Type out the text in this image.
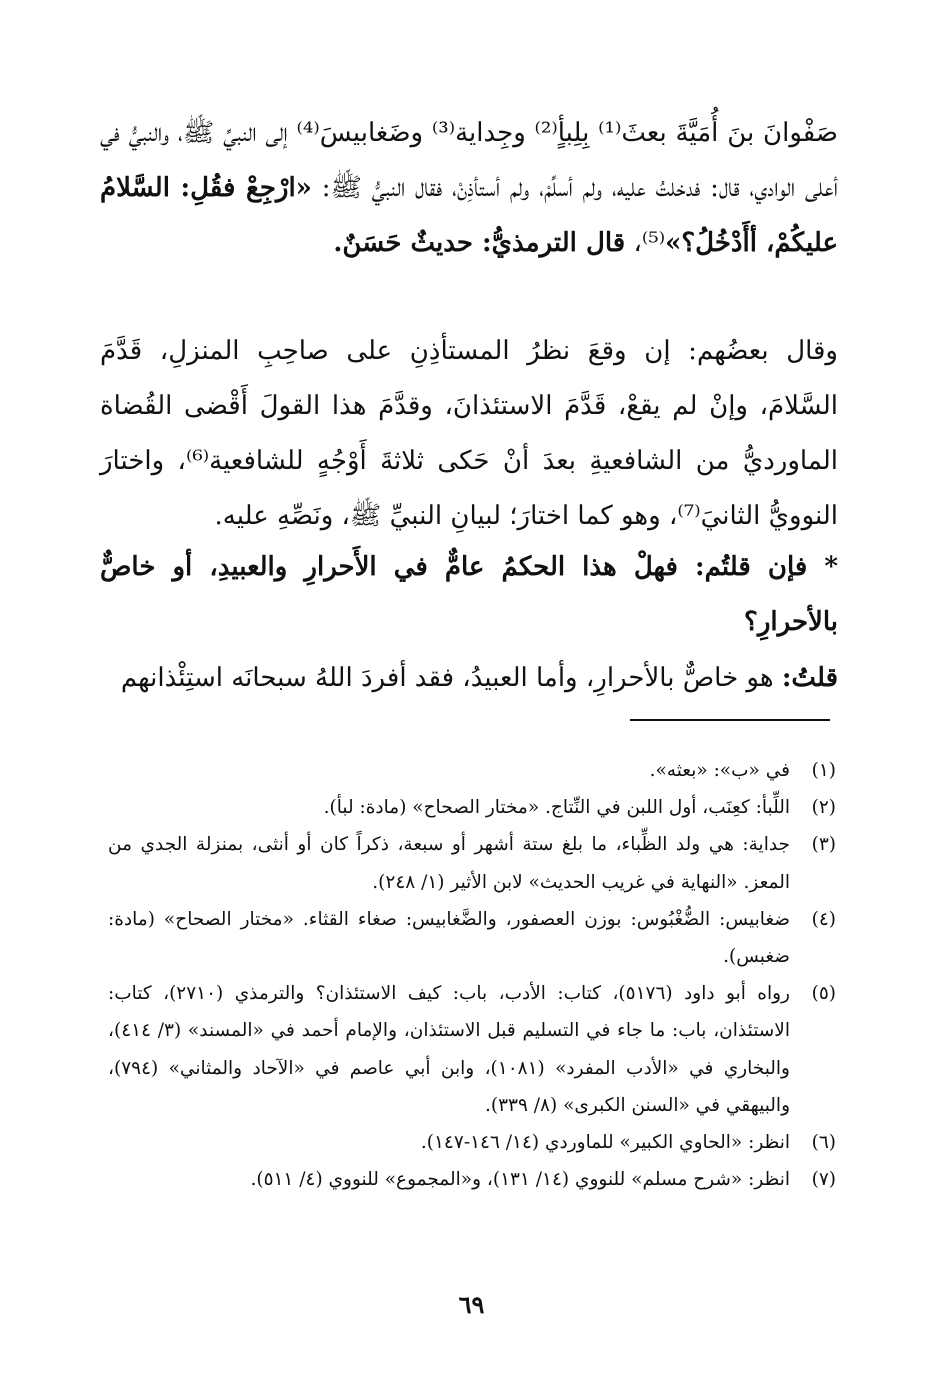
صَفْوانَ بنَ أُمَيَّةَ بعثَ⁽¹⁾ بِلِبأٍ⁽²⁾ وجِداية⁽³⁾ وضَغابيسَ⁽⁴⁾ إلى النبيِّ ﷺ، والنبيُّ في أعلى الوادي، قال: فدخلتُ عليه، ولم أسلِّمْ، ولم أستأذِنْ، فقال النبيُّ ﷺ: «ارْجِعْ فقُلِ: السَّلامُ عليكُمْ، أأَدْخُلُ؟»⁽⁵⁾، قال الترمذيُّ: حديثٌ حَسَنٌ.

وقال بعضُهم: إن وقعَ نظرُ المستأذِنِ على صاحِبِ المنزلِ، قَدَّمَ السَّلامَ، وإنْ لم يقعْ، قَدَّمَ الاستئذانَ، وقدَّمَ هذا القولَ أَقْضى القُضاة الماورديُّ من الشافعيةِ بعدَ أنْ حَكى ثلاثةَ أَوْجُهٍ للشافعية⁽⁶⁾، واختارَ النوويُّ الثانيَ⁽⁷⁾، وهو كما اختارَ؛ لبيانِ النبيِّ ﷺ، ونَصِّهِ عليه.

* فإن قلتُم: فهلْ هذا الحكمُ عامٌّ في الأَحرارِ والعبيدِ، أو خاصٌّ بالأحرارِ؟

قلتُ: هو خاصٌّ بالأحرارِ، وأما العبيدُ، فقد أفردَ اللهُ سبحانَه استِئْذانهم

(١)
في «ب»: «بعثه».
(٢)
اللِّبأ: كعِنَب، أول اللبن في النِّتاج. «مختار الصحاح» (مادة: لبأ).
(٣)
جداية: هي ولد الظِّباء، ما بلغ ستة أشهر أو سبعة، ذكراً كان أو أنثى، بمنزلة الجدي من المعز. «النهاية في غريب الحديث» لابن الأثير (١/ ٢٤٨).
(٤)
ضغابيس: الضُّغْبُوس: بوزن العصفور، والضَّغابيس: صغاء القثاء. «مختار الصحاح» (مادة: ضغبس).
(٥)
رواه أبو داود (٥١٧٦)، كتاب: الأدب، باب: كيف الاستئذان؟ والترمذي (٢٧١٠)، كتاب: الاستئذان، باب: ما جاء في التسليم قبل الاستئذان، والإمام أحمد في «المسند» (٣/ ٤١٤)، والبخاري في «الأدب المفرد» (١٠٨١)، وابن أبي عاصم في «الآحاد والمثاني» (٧٩٤)، والبيهقي في «السنن الكبرى» (٨/ ٣٣٩).
(٦)
انظر: «الحاوي الكبير» للماوردي (١٤/ ١٤٦-١٤٧).
(٧)
انظر: «شرح مسلم» للنووي (١٤/ ١٣١)، و«المجموع» للنووي (٤/ ٥١١).
٦٩
